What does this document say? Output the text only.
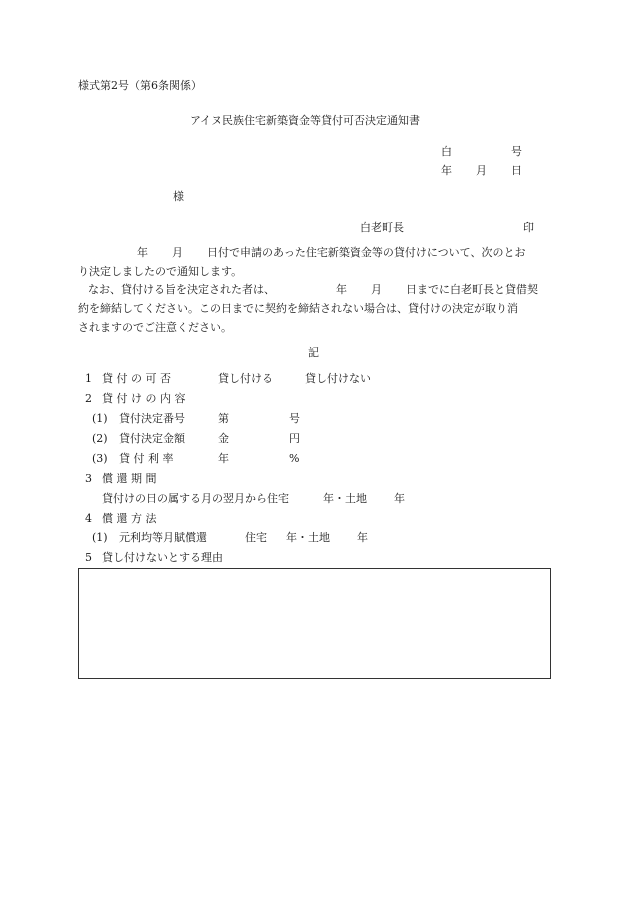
様式第2号（第6条関係）
アイヌ民族住宅新築資金等貸付可否決定通知書
白	号
年 月 日
様
白老町長	印
年 月 日付で申請のあった住宅新築資金等の貸付けについて、次のとお
り決定しましたので通知します。
なお、貸付ける旨を決定された者は、	年 月 日までに白老町長と貸借契
約を締結してください。この日までに契約を締結されない場合は、貸付けの決定が取り消
されますのでご注意ください。
記
1 貸 付 の 可 否	貸し付ける	貸し付けない
2 貸 付 け の 内 容
(1) 貸付決定番号	第	号
(2) 貸付決定金額	金	円
(3) 貸 付 利 率	年	%
3 償 還 期 間
貸付けの日の属する月の翌月から住宅	年・土地 年
4 償 還 方 法
(1) 元利均等月賦償還	住宅 年・土地 年
5 貸し付けないとする理由
